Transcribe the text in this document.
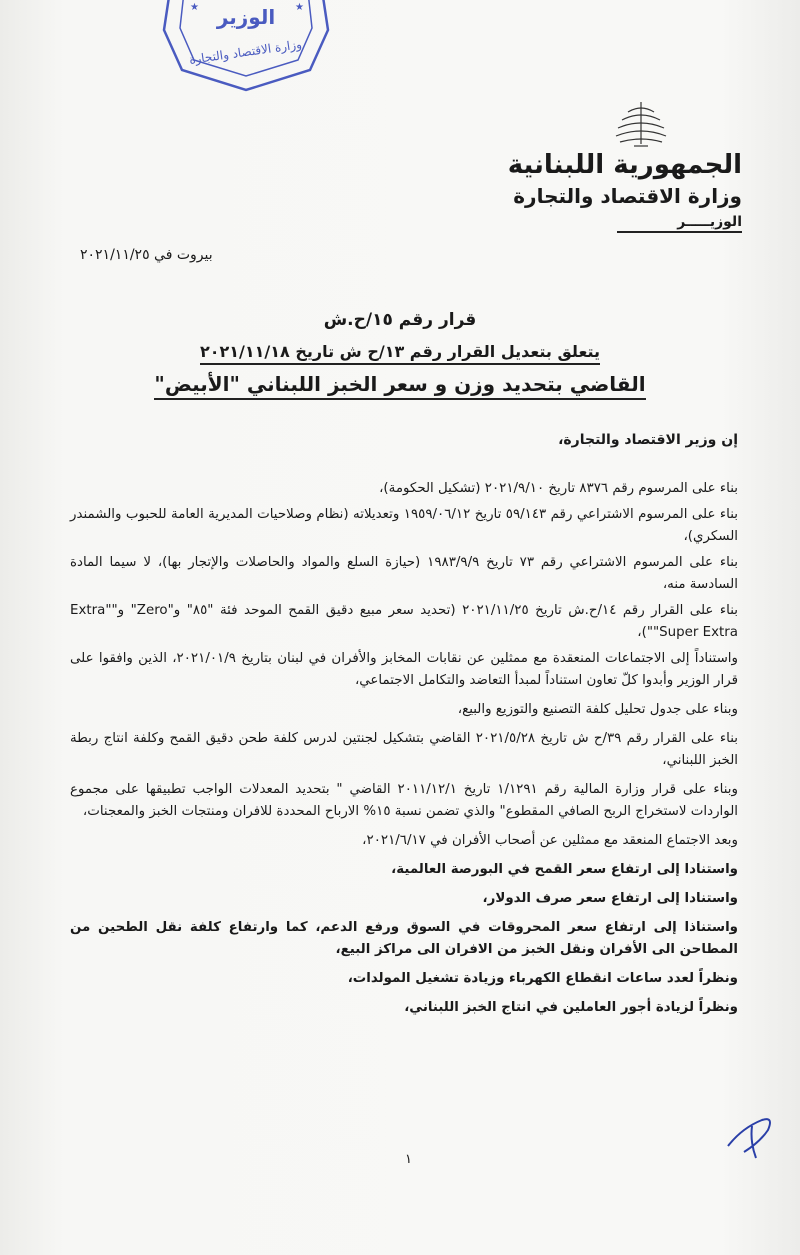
الوزير
وزارة الاقتصاد والتجارة
★	★
الجمهورية اللبنانية
وزارة الاقتصاد والتجارة
الوزيـــــر
بيروت في ٢٠٢١/١١/٢٥
قرار رقم ١٥/ح.ش
يتعلق بتعديل القرار رقم ١٣/ح ش تاريخ ٢٠٢١/١١/١٨
القاضي بتحديد وزن و سعر الخبز اللبناني "الأبيض"
إن وزير الاقتصاد والتجارة،

بناء على المرسوم رقم ٨٣٧٦ تاريخ ٢٠٢١/٩/١٠ (تشكيل الحكومة)،

بناء على المرسوم الاشتراعي رقم ٥٩/١٤٣ تاريخ ١٩٥٩/٠٦/١٢ وتعديلاته (نظام وصلاحيات المديرية العامة للحبوب والشمندر السكري)،

بناء على المرسوم الاشتراعي رقم ٧٣ تاريخ ١٩٨٣/٩/٩ (حيازة السلع والمواد والحاصلات والإتجار بها)، لا سيما المادة السادسة منه،

بناء على القرار رقم ١٤/ح.ش تاريخ ٢٠٢١/١١/٢٥ (تحديد سعر مبيع دقيق القمح الموحد فئة "٨٥" و"Zero" و"Extra" "Super Extra")،

واستناداً إلى الاجتماعات المنعقدة مع ممثلين عن نقابات المخابز والأفران في لبنان بتاريخ ٢٠٢١/٠١/٩، الذين وافقوا على قرار الوزير وأبدوا كلّ تعاون استناداً لمبدأ التعاضد والتكامل الاجتماعي،

وبناء على جدول تحليل كلفة التصنيع والتوزيع والبيع،

بناء على القرار رقم ٣٩/ح ش تاريخ ٢٠٢١/٥/٢٨ القاضي بتشكيل لجنتين لدرس كلفة طحن دقيق القمح وكلفة انتاج ربطة الخبز اللبناني،

وبناء على قرار وزارة المالية رقم ١/١٢٩١ تاريخ ٢٠١١/١٢/١ القاضي " بتحديد المعدلات الواجب تطبيقها على مجموع الواردات لاستخراج الربح الصافي المقطوع" والذي تضمن نسبة ١٥% الارباح المحددة للافران ومنتجات الخبز والمعجنات،

وبعد الاجتماع المنعقد مع ممثلين عن أصحاب الأفران في ٢٠٢١/٦/١٧،

واستنادا إلى ارتفاع سعر القمح في البورصة العالمية،

واستنادا إلى ارتفاع سعر صرف الدولار،

واستناذا إلى ارتفاع سعر المحروقات في السوق ورفع الدعم، كما وارتفاع كلفة نقل الطحين من المطاحن الى الأفران ونقل الخبز من الافران الى مراكز البيع،

ونظراً لعدد ساعات انقطاع الكهرباء وزيادة تشغيل المولدات،

ونظراً لزيادة أجور العاملين في انتاج الخبز اللبناني،

١
